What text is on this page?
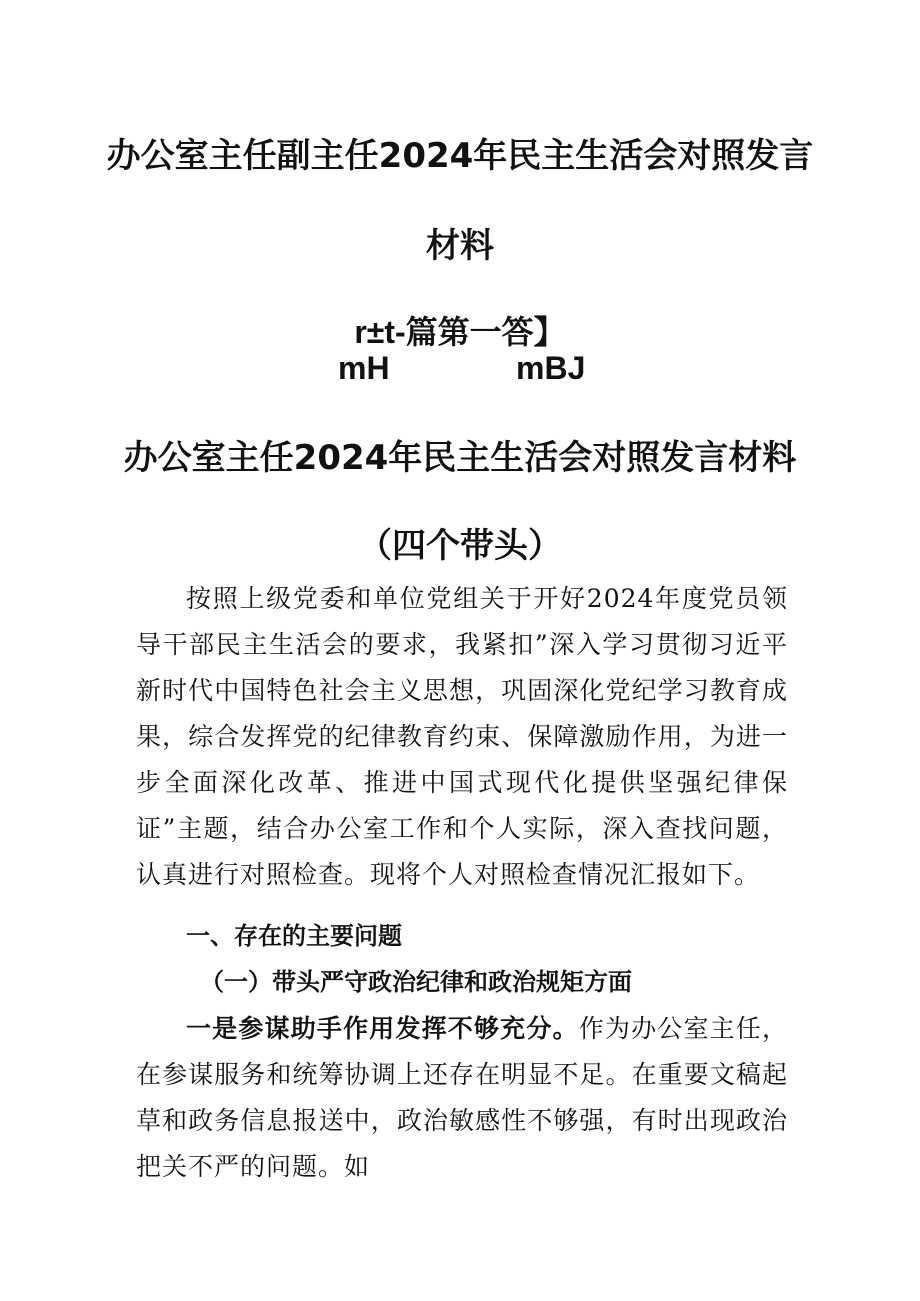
办公室主任副主任2024年民主生活会对照发言
材料
r±t-篇第一答】
mH	mBJ
办公室主任2024年民主生活会对照发言材料
（四个带头）

按照上级党委和单位党组关于开好2024年度党员领导干部民主生活会的要求，我紧扣”深入学习贯彻习近平新时代中国特色社会主义思想，巩固深化党纪学习教育成果，综合发挥党的纪律教育约束、保障激励作用，为进一步全面深化改革、推进中国式现代化提供坚强纪律保证”主题，结合办公室工作和个人实际，深入查找问题，认真进行对照检查。现将个人对照检查情况汇报如下。

一、存在的主要问题
（一）带头严守政治纪律和政治规矩方面

一是参谋助手作用发挥不够充分。作为办公室主任，在参谋服务和统筹协调上还存在明显不足。在重要文稿起草和政务信息报送中，政治敏感性不够强，有时出现政治把关不严的问题。如
